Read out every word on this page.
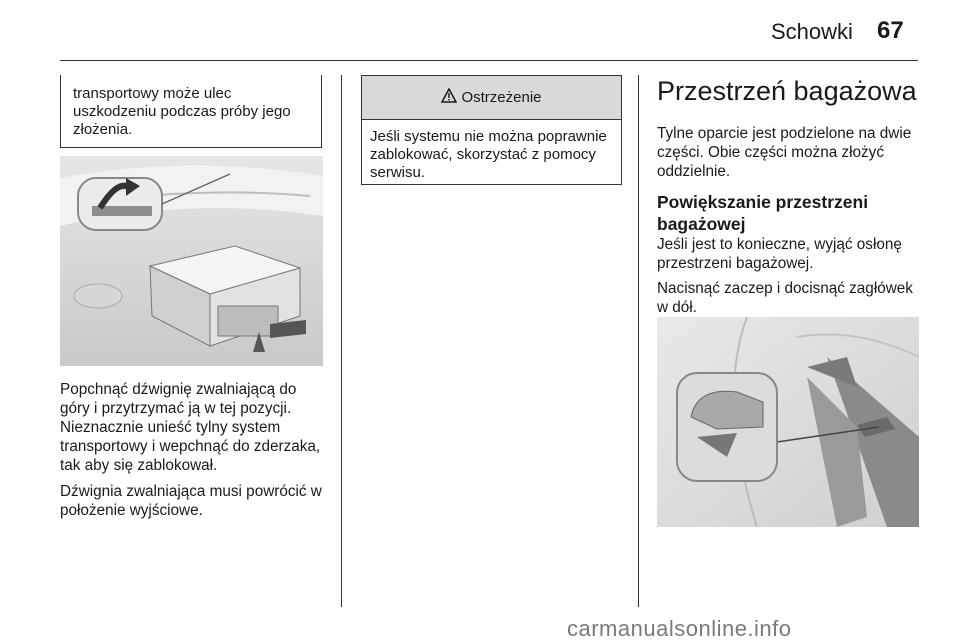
Schowki 67
transportowy może ulec uszkodzeniu podczas próby jego złożenia.

Popchnąć dźwignię zwalniającą do góry i przytrzymać ją w tej pozycji. Nieznacznie unieść tylny system transportowy i wepchnąć do zderzaka, tak aby się zablokował.

Dźwignia zwalniająca musi powrócić w położenie wyjściowe.

Ostrzeżenie
Jeśli systemu nie można poprawnie zablokować, skorzystać z pomocy serwisu.
Przestrzeń bagażowa

Tylne oparcie jest podzielone na dwie części. Obie części można złożyć oddzielnie.

Powiększanie przestrzeni bagażowej

Jeśli jest to konieczne, wyjąć osłonę przestrzeni bagażowej.

Nacisnąć zaczep i docisnąć zagłówek w dół.

carmanualsonline.info
